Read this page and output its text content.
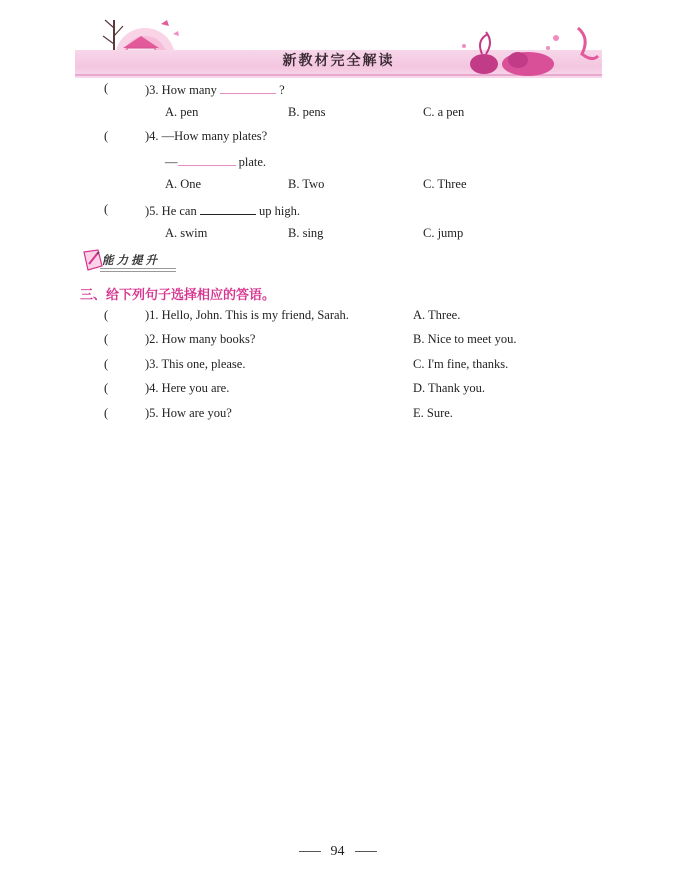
新教材完全解读
(	)3. How many	?
A. pen	B. pens	C. a pen
(	)4. —How many plates?
—	plate.
A. One	B. Two	C. Three
(	)5. He can	up high.
A. swim	B. sing	C. jump
能力提升
三、给下列句子选择相应的答语。
(	)1. Hello, John. This is my friend, Sarah.	A. Three.
(	)2. How many books?	B. Nice to meet you.
(	)3. This one, please.	C. I'm fine, thanks.
(	)4. Here you are.	D. Thank you.
(	)5. How are you?	E. Sure.
94
